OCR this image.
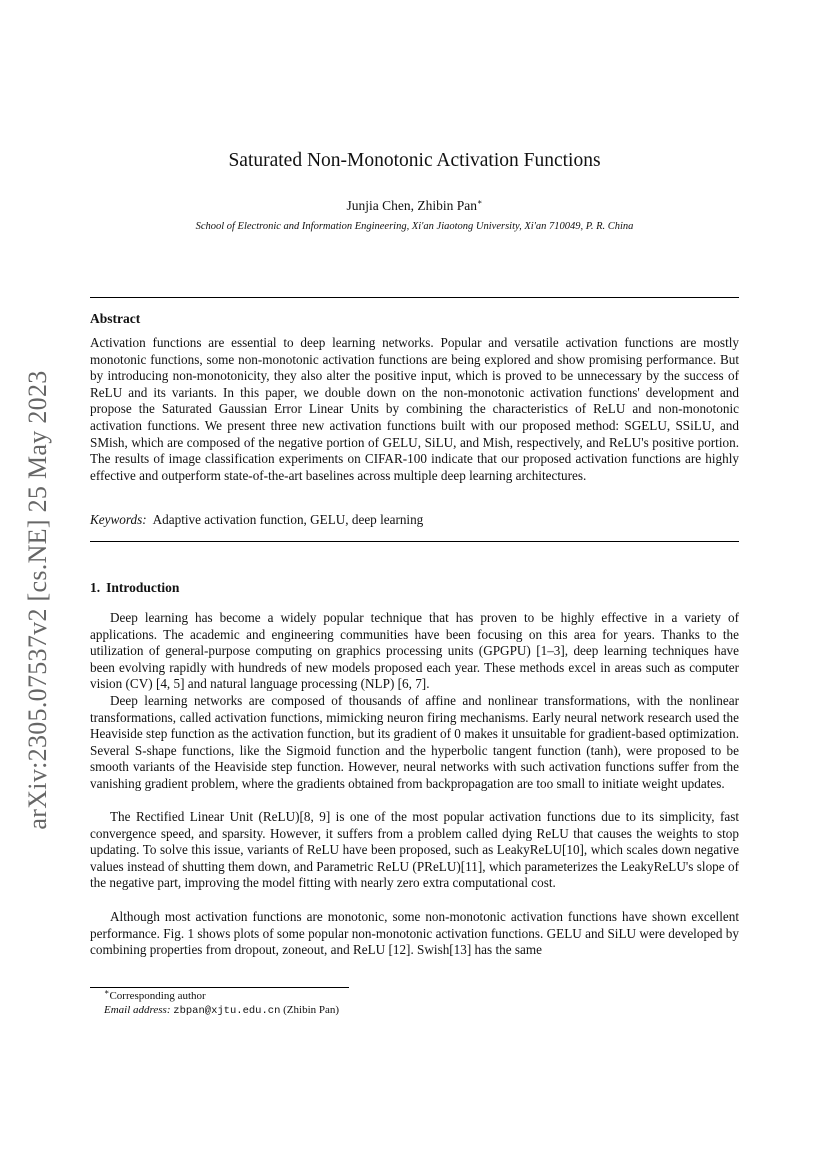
arXiv:2305.07537v2 [cs.NE] 25 May 2023
Saturated Non-Monotonic Activation Functions
Junjia Chen, Zhibin Pan∗
School of Electronic and Information Engineering, Xi'an Jiaotong University, Xi'an 710049, P. R. China
Abstract
Activation functions are essential to deep learning networks. Popular and versatile activation functions are mostly monotonic functions, some non-monotonic activation functions are being explored and show promising performance. But by introducing non-monotonicity, they also alter the positive input, which is proved to be unnecessary by the success of ReLU and its variants. In this paper, we double down on the non-monotonic activation functions' development and propose the Saturated Gaussian Error Linear Units by combining the characteristics of ReLU and non-monotonic activation functions. We present three new activation functions built with our proposed method: SGELU, SSiLU, and SMish, which are composed of the negative portion of GELU, SiLU, and Mish, respectively, and ReLU's positive portion. The results of image classification experiments on CIFAR-100 indicate that our proposed activation functions are highly effective and outperform state-of-the-art baselines across multiple deep learning architectures.
Keywords: Adaptive activation function, GELU, deep learning
1. Introduction

Deep learning has become a widely popular technique that has proven to be highly effective in a variety of applications. The academic and engineering communities have been focusing on this area for years. Thanks to the utilization of general-purpose computing on graphics processing units (GPGPU) [1–3], deep learning techniques have been evolving rapidly with hundreds of new models proposed each year. These methods excel in areas such as computer vision (CV) [4, 5] and natural language processing (NLP) [6, 7].

Deep learning networks are composed of thousands of affine and nonlinear transformations, with the nonlinear transformations, called activation functions, mimicking neuron firing mechanisms. Early neural network research used the Heaviside step function as the activation function, but its gradient of 0 makes it unsuitable for gradient-based optimization. Several S-shape functions, like the Sigmoid function and the hyperbolic tangent function (tanh), were proposed to be smooth variants of the Heaviside step function. However, neural networks with such activation functions suffer from the vanishing gradient problem, where the gradients obtained from backpropagation are too small to initiate weight updates.

The Rectified Linear Unit (ReLU)[8, 9] is one of the most popular activation functions due to its simplicity, fast convergence speed, and sparsity. However, it suffers from a problem called dying ReLU that causes the weights to stop updating. To solve this issue, variants of ReLU have been proposed, such as LeakyReLU[10], which scales down negative values instead of shutting them down, and Parametric ReLU (PReLU)[11], which parameterizes the LeakyReLU's slope of the negative part, improving the model fitting with nearly zero extra computational cost.

Although most activation functions are monotonic, some non-monotonic activation functions have shown excellent performance. Fig. 1 shows plots of some popular non-monotonic activation functions. GELU and SiLU were developed by combining properties from dropout, zoneout, and ReLU [12]. Swish[13] has the same

∗Corresponding author
Email address: zbpan@xjtu.edu.cn (Zhibin Pan)
